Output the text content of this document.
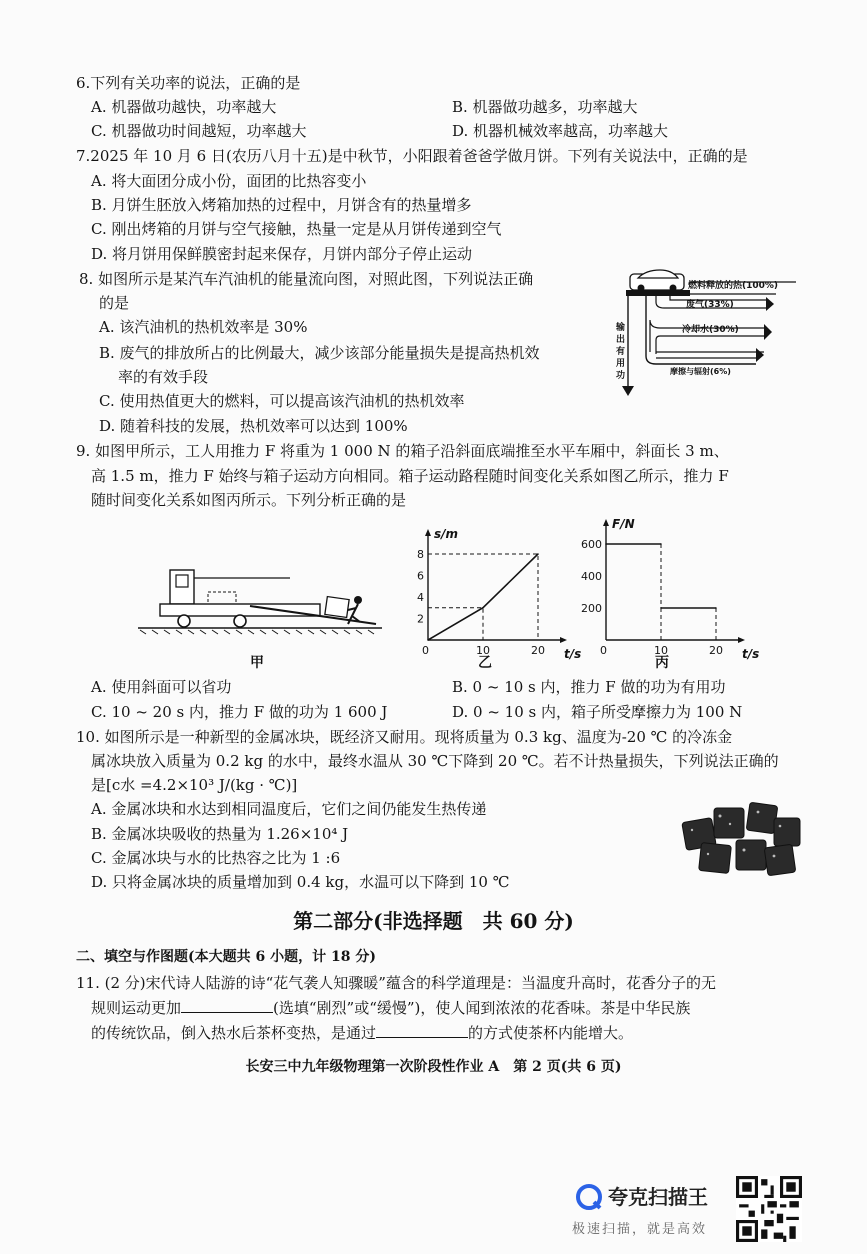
6.下列有关功率的说法，正确的是
A. 机器做功越快，功率越大	B. 机器做功越多，功率越大
C. 机器做功时间越短，功率越大	D. 机器机械效率越高，功率越大
7.2025 年 10 月 6 日(农历八月十五)是中秋节，小阳跟着爸爸学做月饼。下列有关说法中，正确的是
A. 将大面团分成小份，面团的比热容变小
B. 月饼生胚放入烤箱加热的过程中，月饼含有的热量增多
C. 刚出烤箱的月饼与空气接触，热量一定是从月饼传递到空气
D. 将月饼用保鲜膜密封起来保存，月饼内部分子停止运动
8. 如图所示是某汽车汽油机的能量流向图，对照此图，下列说法正确
的是
A. 该汽油机的热机效率是 30%
B. 废气的排放所占的比例最大，减少该部分能量损失是提高热机效
率的有效手段
C. 使用热值更大的燃料，可以提高该汽油机的热机效率
D. 随着科技的发展，热机效率可以达到 100%
燃料释放的热(100%)
废气(33%)
冷却水(30%)
摩擦与辐射(6%)
输
出
有
用
功
9. 如图甲所示，工人用推力 F 将重为 1 000 N 的箱子沿斜面底端推至水平车厢中，斜面长 3 m、
高 1.5 m，推力 F 始终与箱子运动方向相同。箱子运动路程随时间变化关系如图乙所示，推力 F
随时间变化关系如图丙所示。下列分析正确的是
甲
s/m
t/s
0	10	20
2
4
6
8
乙
F/N
t/s
0	10	20
200
400
600
丙
A. 使用斜面可以省功	B. 0 ~ 10 s 内，推力 F 做的功为有用功
C. 10 ~ 20 s 内，推力 F 做的功为 1 600 J	D. 0 ~ 10 s 内，箱子所受摩擦力为 100 N
10. 如图所示是一种新型的金属冰块，既经济又耐用。现将质量为 0.3 kg、温度为-20 ℃ 的冷冻金
属冰块放入质量为 0.2 kg 的水中，最终水温从 30 ℃下降到 20 ℃。若不计热量损失，下列说法正确的
是[c水 =4.2×10³ J/(kg · ℃)]
A. 金属冰块和水达到相同温度后，它们之间仍能发生热传递
B. 金属冰块吸收的热量为 1.26×10⁴ J
C. 金属冰块与水的比热容之比为 1 :6
D. 只将金属冰块的质量增加到 0.4 kg，水温可以下降到 10 ℃
第二部分(非选择题　共 60 分)
二、填空与作图题(本大题共 6 小题，计 18 分)
11. (2 分)宋代诗人陆游的诗“花气袭人知骤暖”蕴含的科学道理是：当温度升高时，花香分子的无
规则运动更加	(选填“剧烈”或“缓慢”)，使人闻到浓浓的花香味。茶是中华民族
的传统饮品，倒入热水后茶杯变热，是通过	的方式使茶杯内能增大。
长安三中九年级物理第一次阶段性作业 A　第 2 页(共 6 页)
夸克扫描王
极速扫描，就是高效
